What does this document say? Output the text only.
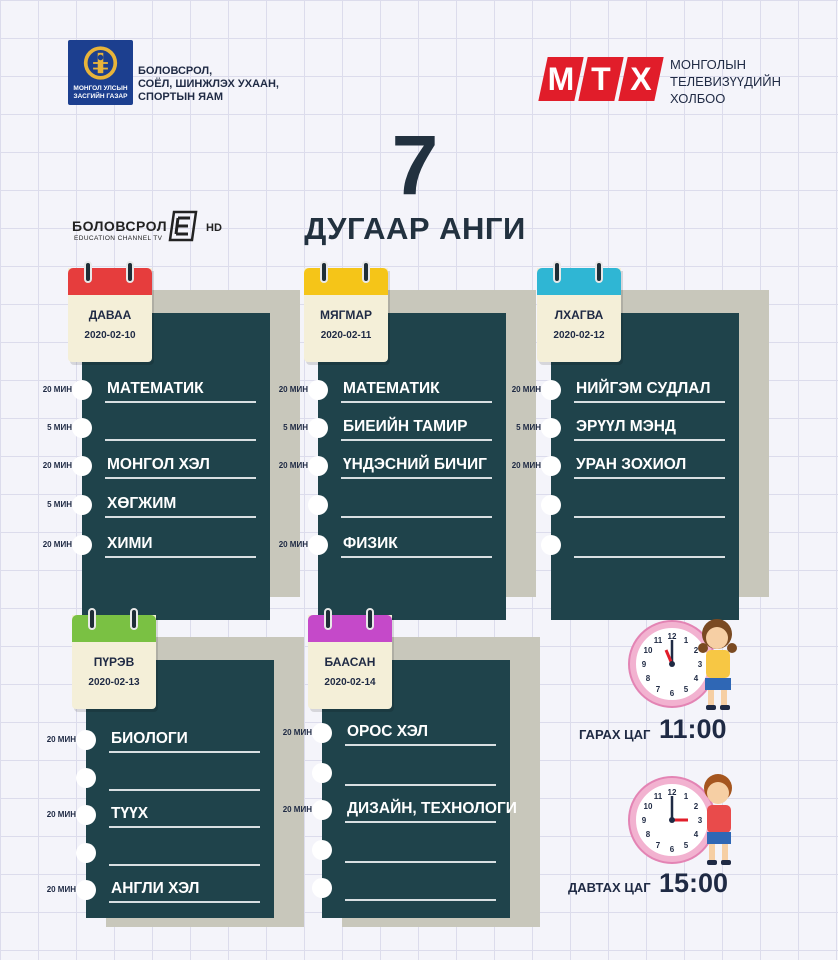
МОНГОЛ УЛСЫН ЗАСГИЙН ГАЗАР
БОЛОВСРОЛ,
СОЁЛ, ШИНЖЛЭХ УХААН,
СПОРТЫН ЯАМ	М Т Х	МОНГОЛЫН
ТЕЛЕВИЗҮҮДИЙН
ХОЛБОО
7
ДУГААР АНГИ
БОЛОВСРОЛ
EDUCATION CHANNEL TV
HD
ДАВАА
2020-02-10
20 МИН МАТЕМАТИК
5 МИН
20 МИН МОНГОЛ ХЭЛ
5 МИН ХӨГЖИМ
20 МИН ХИМИ
МЯГМАР
2020-02-11
20 МИН МАТЕМАТИК
5 МИН БИЕИЙН ТАМИР
20 МИН ҮНДЭСНИЙ БИЧИГ
20 МИН ФИЗИК
ЛХАГВА
2020-02-12
20 МИН НИЙГЭМ СУДЛАЛ
5 МИН ЭРҮҮЛ МЭНД
20 МИН УРАН ЗОХИОЛ
ПҮРЭВ
2020-02-13
20 МИН БИОЛОГИ
20 МИН ТҮҮХ
20 МИН АНГЛИ ХЭЛ
БААСАН
2020-02-14
20 МИН ОРОС ХЭЛ
20 МИН ДИЗАЙН, ТЕХНОЛОГИ
12 1
2
3
4
5
6
7
8
9
10
11
ГАРАХ ЦАГ 11:00
12 1
2
3
4
5
6
7
8
9
10
11
ДАВТАХ ЦАГ 15:00
